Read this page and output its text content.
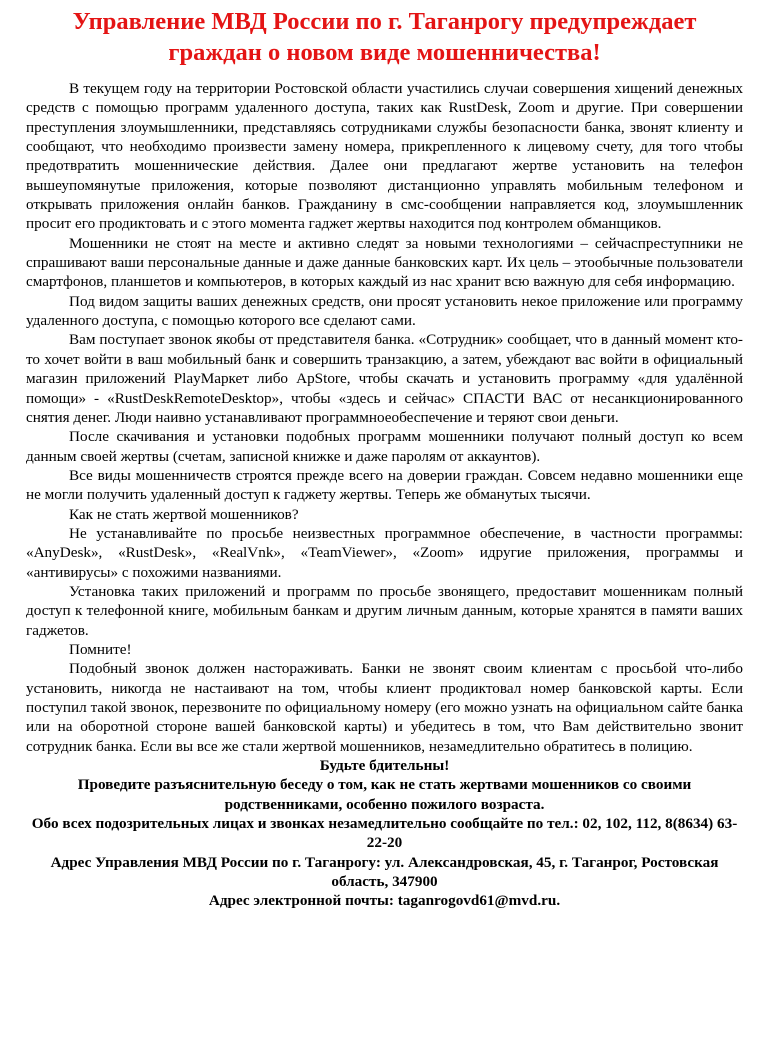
Управление МВД России по г. Таганрогу предупреждает
граждан о новом виде мошенничества!

В текущем году на территории Ростовской области участились случаи совершения хищений денежных средств с помощью программ удаленного доступа, таких как RustDesk, Zoom и другие. При совершении преступления злоумышленники, представляясь сотрудниками службы безопасности банка, звонят клиенту и сообщают, что необходимо произвести замену номера, прикрепленного к лицевому счету, для того чтобы предотвратить мошеннические действия. Далее они предлагают жертве установить на телефон вышеупомянутые приложения, которые позволяют дистанционно управлять мобильным телефоном и открывать приложения онлайн банков. Гражданину в смс-сообщении направляется код, злоумышленник просит его продиктовать и с этого момента гаджет жертвы находится под контролем обманщиков.

Мошенники не стоят на месте и активно следят за новыми технологиями – сейчаспреступники не спрашивают ваши персональные данные и даже данные банковских карт. Их цель – этообычные пользователи смартфонов, планшетов и компьютеров, в которых каждый из нас хранит всю важную для себя информацию.

Под видом защиты ваших денежных средств, они просят установить некое приложение или программу удаленного доступа, с помощью которого все сделают сами.

Вам поступает звонок якобы от представителя банка. «Сотрудник» сообщает, что в данный момент кто-то хочет войти в ваш мобильный банк и совершить транзакцию, а затем, убеждают вас войти в официальный магазин приложений PlayМаркет либо ApStore, чтобы скачать и установить программу «для удалённой помощи» - «RustDeskRemoteDesktop», чтобы «здесь и сейчас» СПАСТИ ВАС от несанкционированного снятия денег. Люди наивно устанавливают программноеобеспечение и теряют свои деньги.

После скачивания и установки подобных программ мошенники получают полный доступ ко всем данным своей жертвы (счетам, записной книжке и даже паролям от аккаунтов).

Все виды мошенничеств строятся прежде всего на доверии граждан. Совсем недавно мошенники еще не могли получить удаленный доступ к гаджету жертвы. Теперь же обманутых тысячи.

Как не стать жертвой мошенников?

Не устанавливайте по просьбе неизвестных программное обеспечение, в частности программы: «AnyDesk», «RustDesk», «RealVnk», «TeamViewer», «Zoom» идругие приложения, программы и «антивирусы» с похожими названиями.

Установка таких приложений и программ по просьбе звонящего, предоставит мошенникам полный доступ к телефонной книге, мобильным банкам и другим личным данным, которые хранятся в памяти ваших гаджетов.

Помните!

Подобный звонок должен настораживать. Банки не звонят своим клиентам с просьбой что-либо установить, никогда не настаивают на том, чтобы клиент продиктовал номер банковской карты. Если поступил такой звонок, перезвоните по официальному номеру (его можно узнать на официальном сайте банка или на оборотной стороне вашей банковской карты) и убедитесь в том, что Вам действительно звонит сотрудник банка. Если вы все же стали жертвой мошенников, незамедлительно обратитесь в полицию.

Будьте бдительны!

Проведите разъяснительную беседу о том, как не стать жертвами мошенников со своими родственниками, особенно пожилого возраста.

Обо всех подозрительных лицах и звонках незамедлительно сообщайте по тел.: 02, 102, 112, 8(8634) 63-22-20

Адрес Управления МВД России по г. Таганрогу: ул. Александровская, 45, г. Таганрог, Ростовская область, 347900

Адрес электронной почты: taganrogovd61@mvd.ru.
